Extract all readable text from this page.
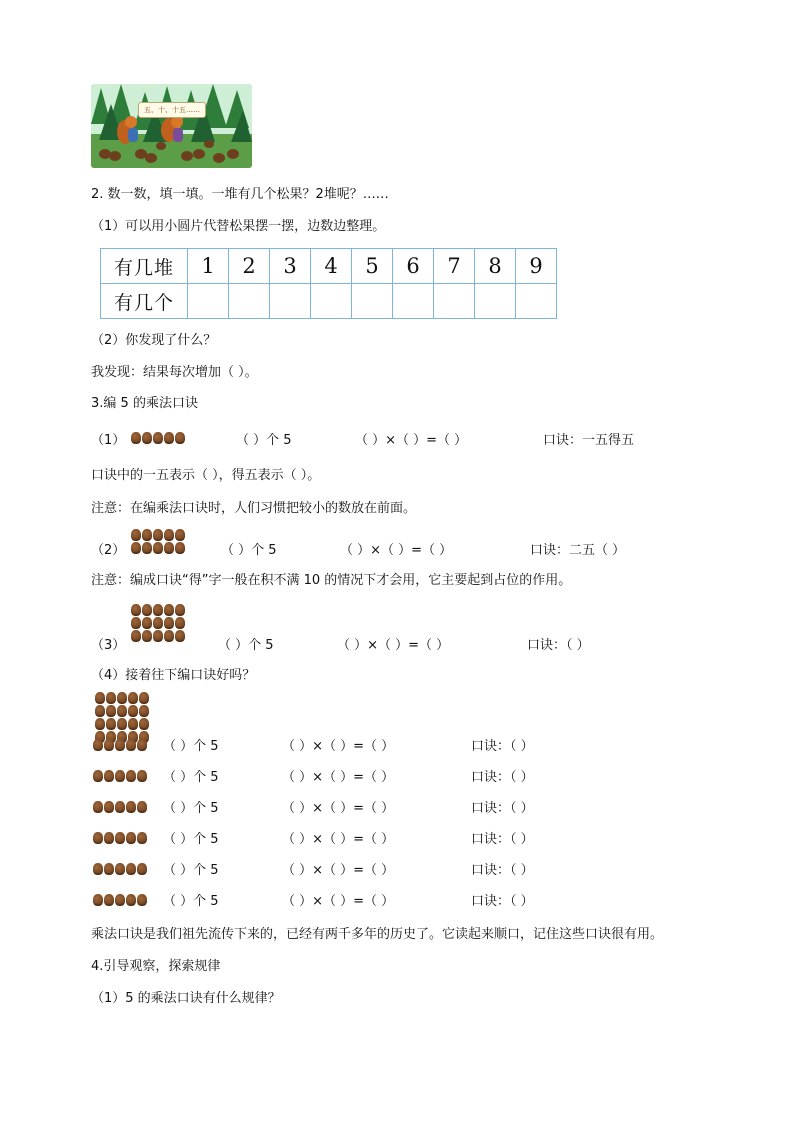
五、十、十五……
2. 数一数，填一填。一堆有几个松果？2堆呢？……
（1）可以用小圆片代替松果摆一摆，边数边整理。
有几堆	1	2	3	4	5	6	7	8	9
有几个									
（2）你发现了什么？
我发现：结果每次增加（ ）。
3.编 5 的乘法口诀
（1）	（ ）个 5	（ ）×（ ）=（ ）	口诀：一五得五
口诀中的一五表示（ ），得五表示（ ）。
注意：在编乘法口诀时，人们习惯把较小的数放在前面。
（2）	（ ）个 5	（ ）×（ ）=（ ）	口诀：二五（ ）
注意：编成口诀“得”字一般在积不满 10 的情况下才会用，它主要起到占位的作用。
（3）	（ ）个 5	（ ）×（ ）=（ ）	口诀：（ ）
（4）接着往下编口诀好吗？
（ ）个 5	（ ）×（ ）=（ ）	口诀：（ ）
（ ）个 5	（ ）×（ ）=（ ）	口诀：（ ）
（ ）个 5	（ ）×（ ）=（ ）	口诀：（ ）
（ ）个 5	（ ）×（ ）=（ ）	口诀：（ ）
（ ）个 5	（ ）×（ ）=（ ）	口诀：（ ）
（ ）个 5	（ ）×（ ）=（ ）	口诀：（ ）
乘法口诀是我们祖先流传下来的，已经有两千多年的历史了。它读起来顺口，记住这些口诀很有用。
4.引导观察，探索规律
（1）5 的乘法口诀有什么规律？
